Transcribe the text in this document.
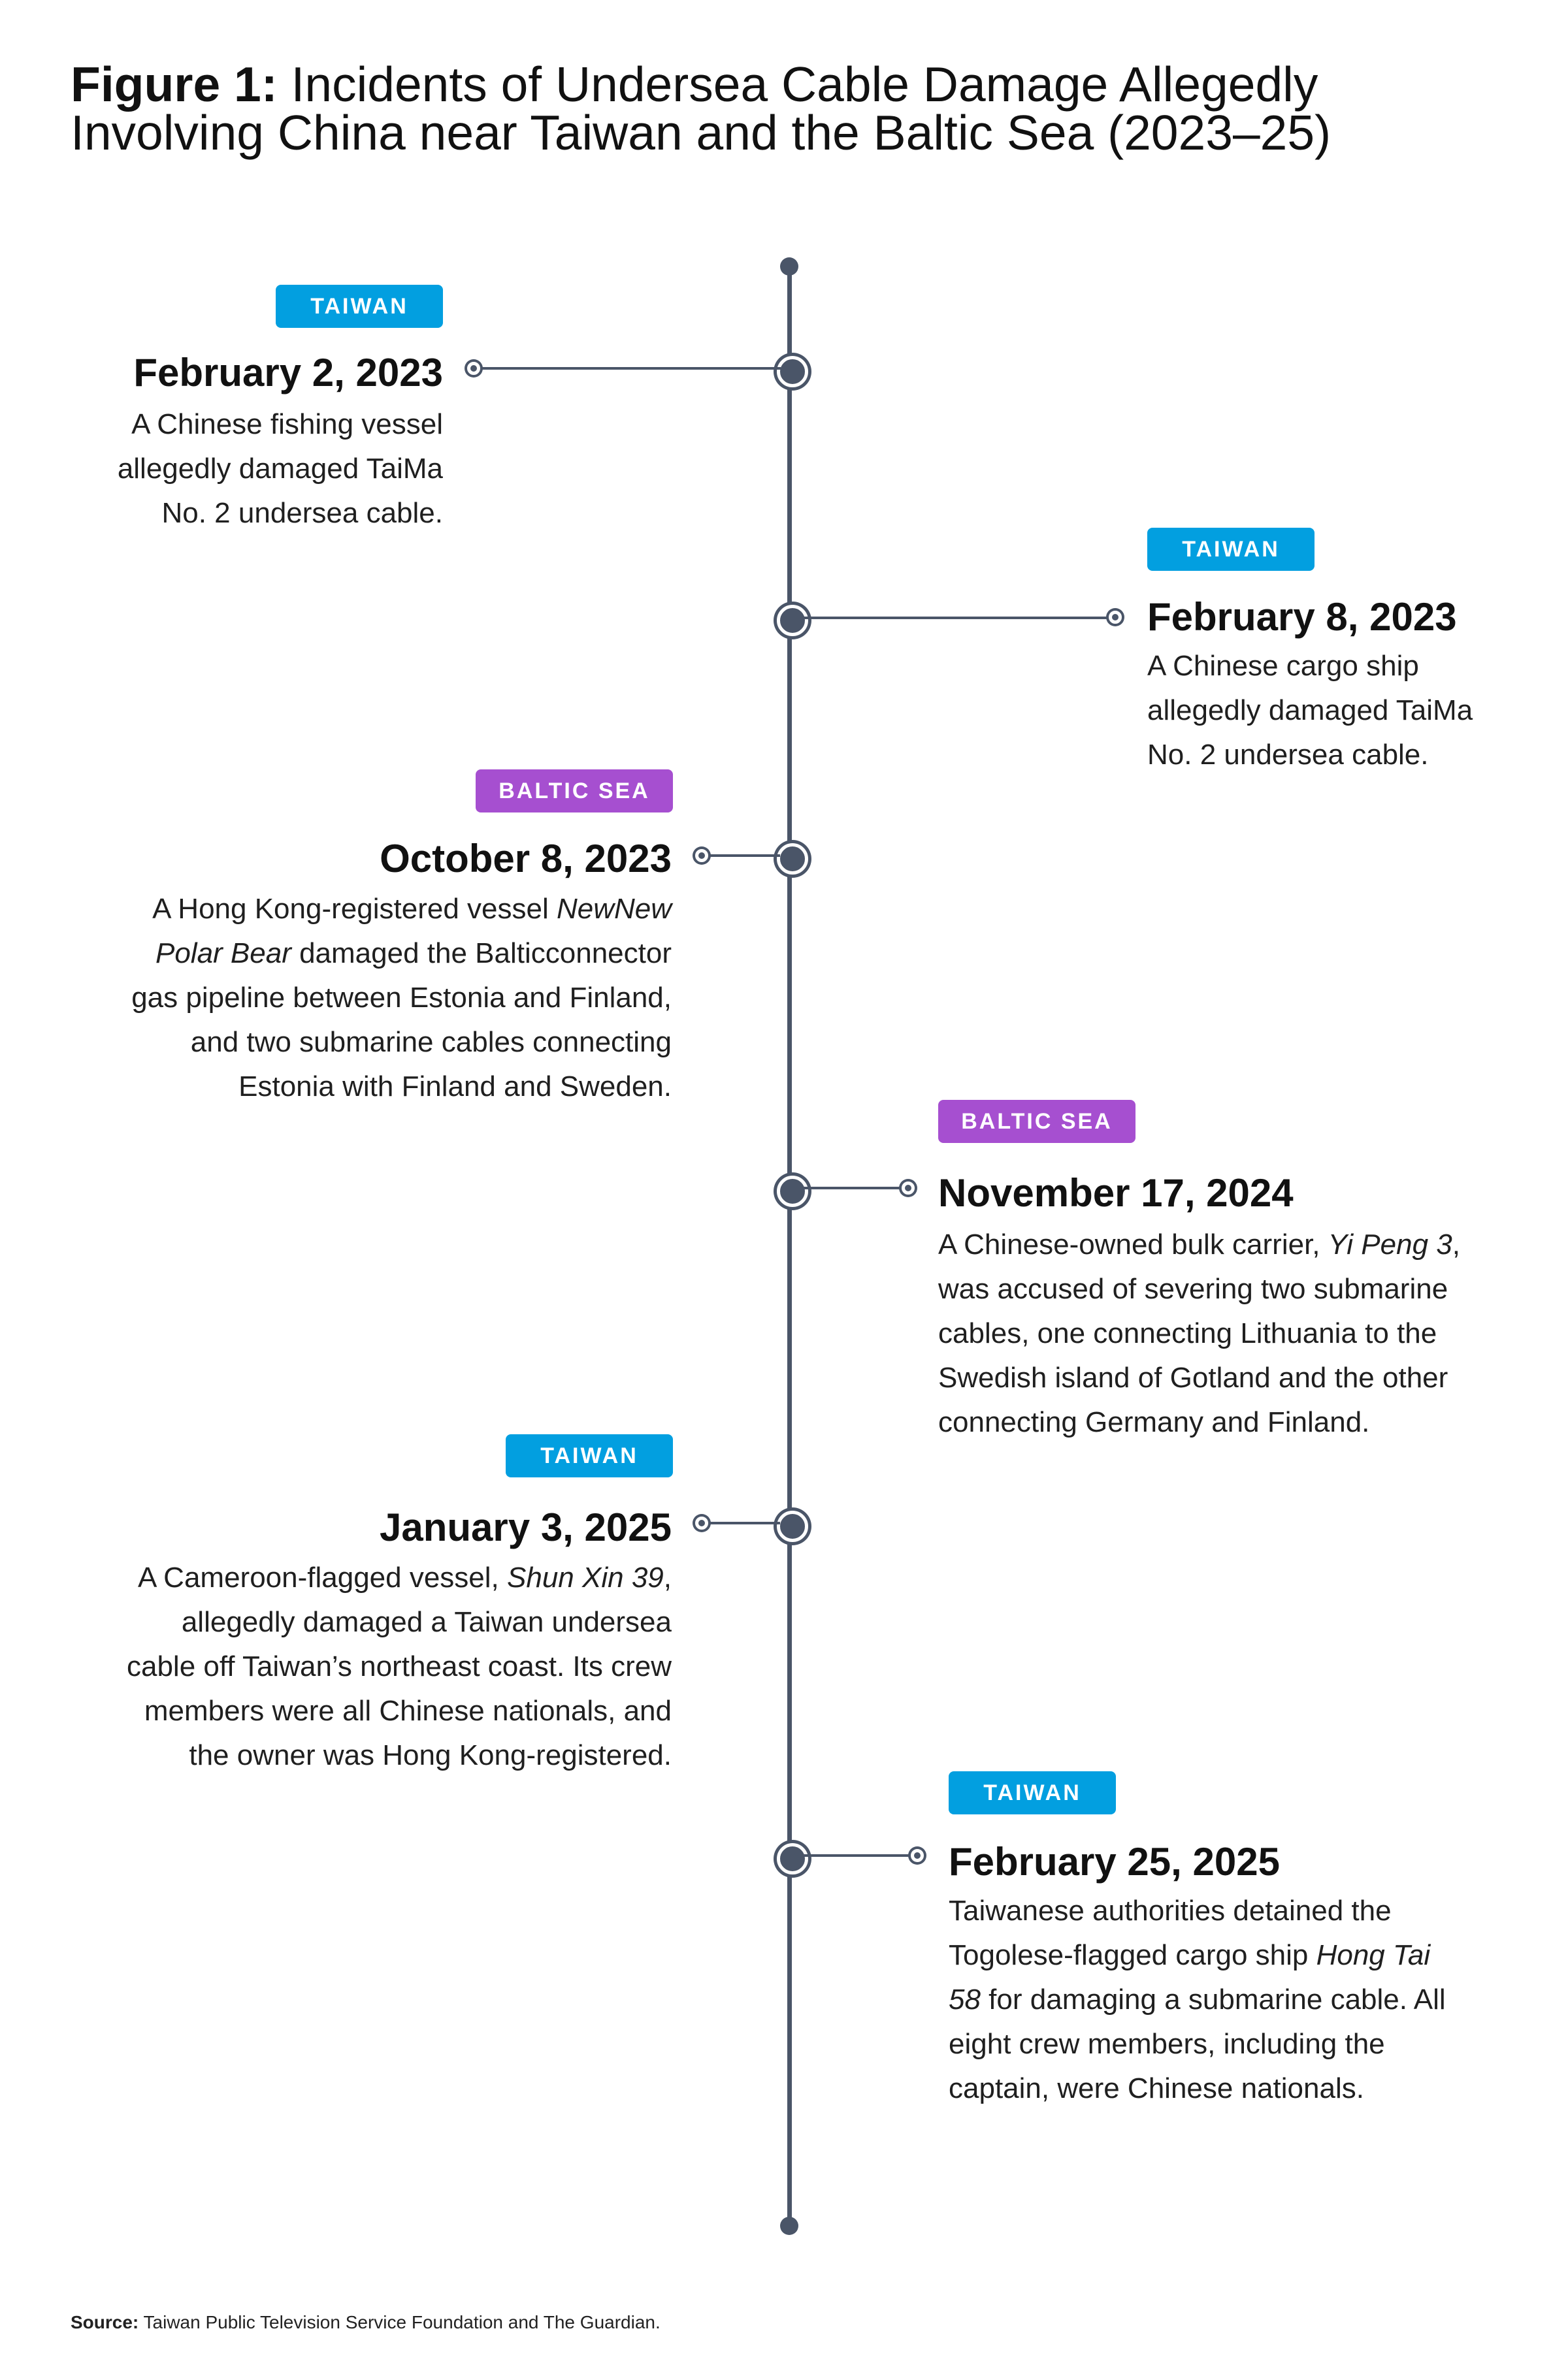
Figure 1: Incidents of Undersea Cable Damage Allegedly Involving China near Taiwan and the Baltic Sea (2023–25)
TAIWAN
February 2, 2023

A Chinese fishing vessel
allegedly damaged TaiMa
No. 2 undersea cable.

TAIWAN
February 8, 2023

A Chinese cargo ship
allegedly damaged TaiMa
No. 2 undersea cable.

BALTIC SEA
October 8, 2023

A Hong Kong-registered vessel NewNew
Polar Bear damaged the Balticconnector
gas pipeline between Estonia and Finland,
and two submarine cables connecting
Estonia with Finland and Sweden.

BALTIC SEA
November 17, 2024

A Chinese-owned bulk carrier, Yi Peng 3,
was accused of severing two submarine
cables, one connecting Lithuania to the
Swedish island of Gotland and the other
connecting Germany and Finland.

TAIWAN
January 3, 2025

A Cameroon-flagged vessel, Shun Xin 39,
allegedly damaged a Taiwan undersea
cable off Taiwan’s northeast coast. Its crew
members were all Chinese nationals, and
the owner was Hong Kong-registered.

TAIWAN
February 25, 2025

Taiwanese authorities detained the
Togolese-flagged cargo ship Hong Tai
58 for damaging a submarine cable. All
eight crew members, including the
captain, were Chinese nationals.

Source: Taiwan Public Television Service Foundation and The Guardian.
